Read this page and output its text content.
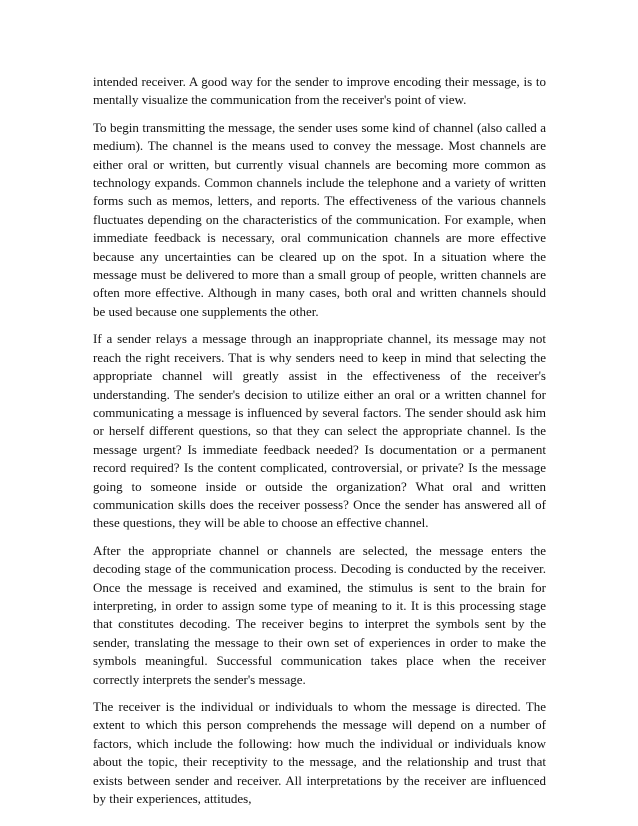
intended receiver. A good way for the sender to improve encoding their message, is to mentally visualize the communication from the receiver's point of view.

To begin transmitting the message, the sender uses some kind of channel (also called a medium). The channel is the means used to convey the message. Most channels are either oral or written, but currently visual channels are becoming more common as technology expands. Common channels include the telephone and a variety of written forms such as memos, letters, and reports. The effectiveness of the various channels fluctuates depending on the characteristics of the communication. For example, when immediate feedback is necessary, oral communication channels are more effective because any uncertainties can be cleared up on the spot. In a situation where the message must be delivered to more than a small group of people, written channels are often more effective. Although in many cases, both oral and written channels should be used because one supplements the other.

If a sender relays a message through an inappropriate channel, its message may not reach the right receivers. That is why senders need to keep in mind that selecting the appropriate channel will greatly assist in the effectiveness of the receiver's understanding. The sender's decision to utilize either an oral or a written channel for communicating a message is influenced by several factors. The sender should ask him or herself different questions, so that they can select the appropriate channel. Is the message urgent? Is immediate feedback needed? Is documentation or a permanent record required? Is the content complicated, controversial, or private? Is the message going to someone inside or outside the organization? What oral and written communication skills does the receiver possess? Once the sender has answered all of these questions, they will be able to choose an effective channel.

After the appropriate channel or channels are selected, the message enters the decoding stage of the communication process. Decoding is conducted by the receiver. Once the message is received and examined, the stimulus is sent to the brain for interpreting, in order to assign some type of meaning to it. It is this processing stage that constitutes decoding. The receiver begins to interpret the symbols sent by the sender, translating the message to their own set of experiences in order to make the symbols meaningful. Successful communication takes place when the receiver correctly interprets the sender's message.

The receiver is the individual or individuals to whom the message is directed. The extent to which this person comprehends the message will depend on a number of factors, which include the following: how much the individual or individuals know about the topic, their receptivity to the message, and the relationship and trust that exists between sender and receiver. All interpretations by the receiver are influenced by their experiences, attitudes,
